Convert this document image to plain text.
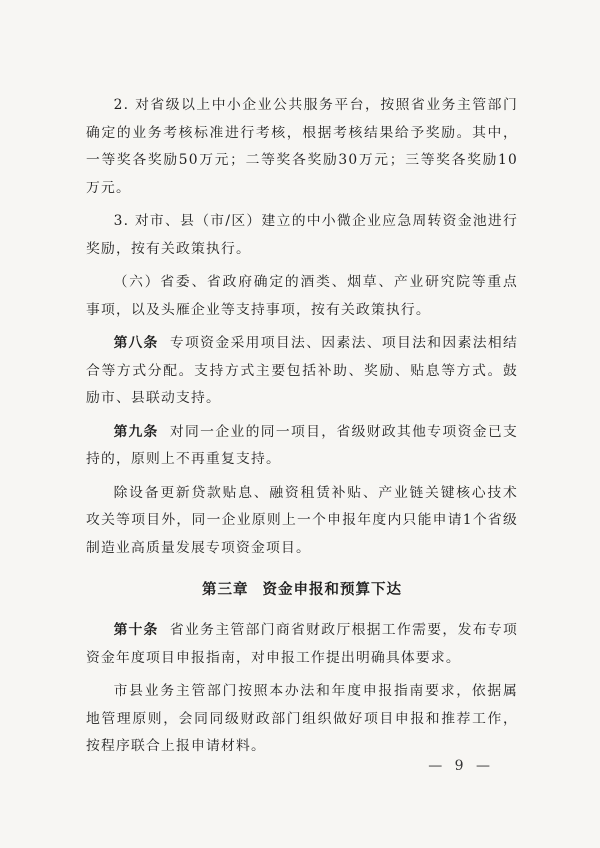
2. 对省级以上中小企业公共服务平台，按照省业务主管部门确定的业务考核标准进行考核，根据考核结果给予奖励。其中，一等奖各奖励50万元；二等奖各奖励30万元；三等奖各奖励10万元。

3. 对市、县（市/区）建立的中小微企业应急周转资金池进行奖励，按有关政策执行。

（六）省委、省政府确定的酒类、烟草、产业研究院等重点事项，以及头雁企业等支持事项，按有关政策执行。

第八条 专项资金采用项目法、因素法、项目法和因素法相结合等方式分配。支持方式主要包括补助、奖励、贴息等方式。鼓励市、县联动支持。

第九条 对同一企业的同一项目，省级财政其他专项资金已支持的，原则上不再重复支持。

除设备更新贷款贴息、融资租赁补贴、产业链关键核心技术攻关等项目外，同一企业原则上一个申报年度内只能申请1个省级制造业高质量发展专项资金项目。

第三章 资金申报和预算下达

第十条 省业务主管部门商省财政厅根据工作需要，发布专项资金年度项目申报指南，对申报工作提出明确具体要求。

市县业务主管部门按照本办法和年度申报指南要求，依据属地管理原则，会同同级财政部门组织做好项目申报和推荐工作，按程序联合上报申请材料。

— 9 —
